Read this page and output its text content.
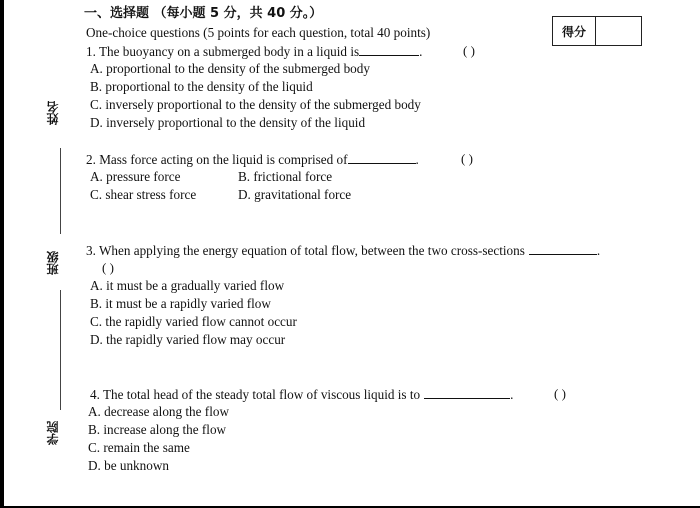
姓名
班级
学院
得分
一、选择题 （每小题 5 分，共 40 分。）
One-choice questions (5 points for each question, total 40 points)
1. The buoyancy on a submerged body in a liquid is	.	( )
A. proportional to the density of the submerged body
B. proportional to the density of the liquid
C. inversely proportional to the density of the submerged body
D. inversely proportional to the density of the liquid
2. Mass force acting on the liquid is comprised of	.	( )
A. pressure force	B. frictional force
C. shear stress force	D. gravitational force
3. When applying the energy equation of total flow, between the two cross-sections	.
( )
A. it must be a gradually varied flow
B. it must be a rapidly varied flow
C. the rapidly varied flow cannot occur
D. the rapidly varied flow may occur
4. The total head of the steady total flow of viscous liquid is to	.	( )
A. decrease along the flow
B. increase along the flow
C. remain the same
D. be unknown
